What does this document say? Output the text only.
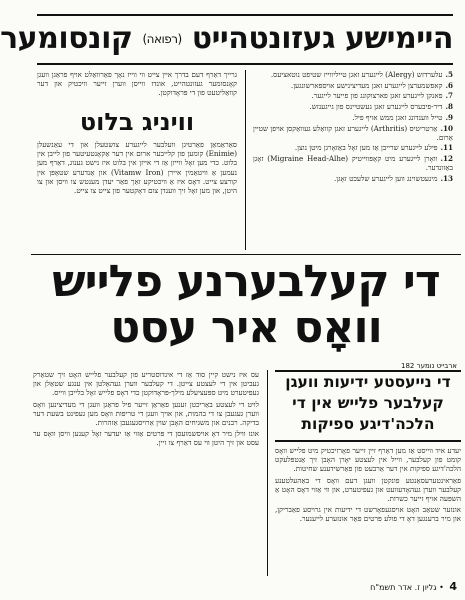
היימישע געזונטהייט $^{(רפואה)}$ קונסומער
5.עלערדזש (Alergy) לייגערע זאגן טייליווייז שטיפט נוטאציעס.
6.קאפשמערצן לייגערע זאגן מעדיצינישע אויספארשונגען.
7.פאנקן לייגערע זאגן פארצוקונג פון פייער לייגער.
8.דיר-פיבערס לייגערע זאגן געשטיינס פון גייגענזש.
9.טייל ווענדונג זאגן ממש אויף פיל.
10.אַרטריטיס (Arthritis) לייגערע זאגן קוואַלע געוואַקסן אויפן שטיין אַרום.
11.פילע לייגערע שרייבן אַז מען זאָל באַזאָרגן מיטן נוצן.
12.וואָרן לייגערע מיט קאָפּווייטיק (Migraine Head-Alhe) זאָגן באַזונדער.
13.מינעטשוינג ווען לייגערע שלעכט זאָגן.

גרייך דאַרף דעם בדרך איין צייט ווי ווייז נאָך פאַרוואַלט אויף פראַגן וועגן קאָנסומער געזונטהייט, אונדז ווייסן ווערן זייער וויכטיק און דער קוואַליטעט פון די פּראָדוקטן.

וויניג בלוט

סאַראַמאַן פאַרטיגן וועלבער לייגערע צושטעלן און די עאַנשעלן (Enimie) קומען פון קלייבער ארום אין דער אַקאָנטעיטער פון לייבן אין בלוט. כדי מען זאָל ווייזן אַז די אייזן אין בלוט איז נישט גענוג, דאַרף מען נעמען אַ וויטאַמין איירן (Vitamw Iron) און אַנדערע שטאָפּן אין קורצע צייט. דאָס איז אַ וויכטיקע זאַך פאַר יעדן מענטש צו וויסן און צו היטן, און מען זאָל זיך ווענדן צום דאָקטער פון צייט צו צייט.

די קעלבערנע פלייש
וואָס איר עסט
ארבייט נומער 182
די נייעסטע ידיעות וועגן קעלבער פלייש אין די הלכה'דיגע ספיקות

יעדע איד ווייסט אַז מען דאַרף זיין זייער פאָרזיכטיק מיט פלייש וואָס קומט פון קעלבער, ווייל אין לעצטע יאָרן האָבן זיך אַנטפּלעקט הלכה'דיגע ספיקות אין דער אַרבעט פון פאַרשידענע שחיטות.

פאַראינטערעסאַנטע פונקטן וועגן דעם וואָס די באַהעלטענע קעלבער ווערן געהאָדעוועט און געפיטערט, און ווי אַזוי דאָס האָט אַ השפּעה אויף זייער כשרות.

אונזער שטאַב האָט אויסגעפאָרשט די ידיעות אין גרויסע פאַבריקן, און מיר ברענגען דאָ די פולע פּרטים פאַר אונזערע לייענער.

עס איז נישט קיין סוד אַז די אינדוסטריע פון קעלבער פלייש האָט זיך שטאַרק געביטן אין די לעצטע צייטן. די קעלבער ווערן געהאַלטן אין ענגע שטאַלן און געפיטערט מיט ספּעציעלע מילך-פּראָדוקטן כדי דאָס פלייש זאָל בלייבן ווייס.

לויט די לעצטע באַריכטן זענען פאַראַן זייער פיל פראַגן וועגן די מעדיצינען וואָס ווערן געגעבן צו די בהמות, און אויך וועגן די טריפות וואָס מען געפינט בשעת דער בדיקה. רבנים און משגיחים האָבן שוין אַרויסגעגעבן אַזהרות.

אונז ווילן מיר דאָ אויסשמועסן די פּרטים אַזוי אַז יעדער זאָל קענען וויסן וואָס ער עסט און זיך היטן ווי עס דאַרף צו זיין.

4 • גליון ז. אדר תשמ"ח
